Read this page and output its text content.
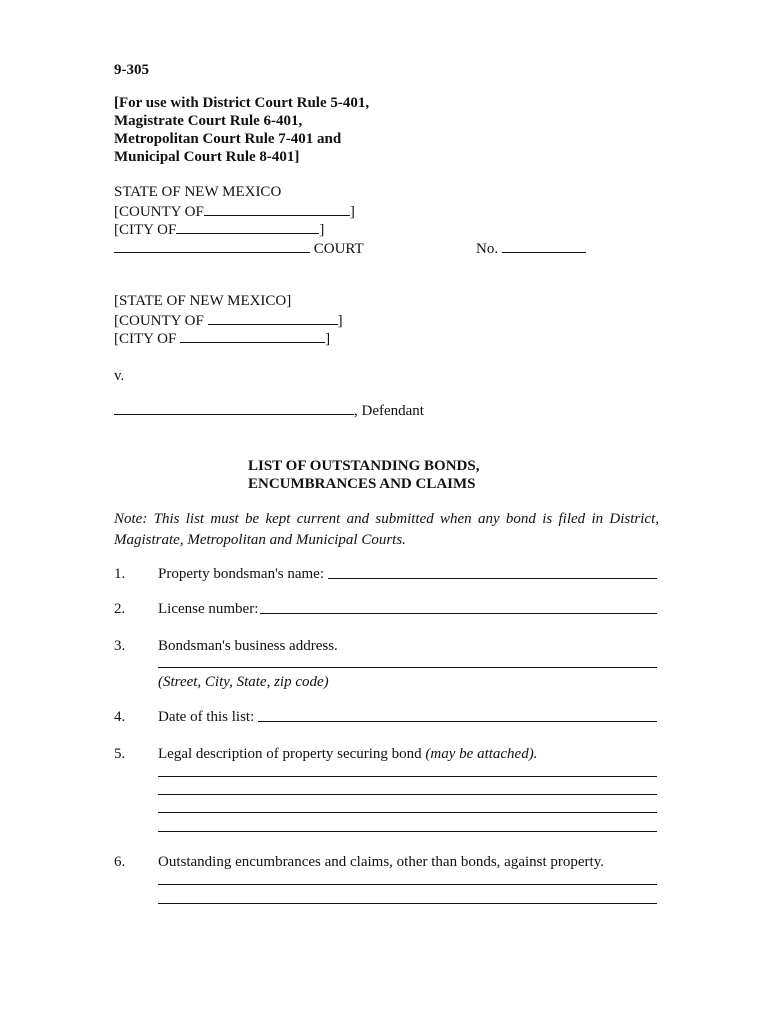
9-305
[For use with District Court Rule 5-401,
Magistrate Court Rule 6-401,
Metropolitan Court Rule 7-401 and
Municipal Court Rule 8-401]
STATE OF NEW MEXICO
[COUNTY OF	]
[CITY OF	]
COURT	No.
[STATE OF NEW MEXICO]
[COUNTY OF	]
[CITY OF	]
v.
, Defendant
LIST OF OUTSTANDING BONDS,
ENCUMBRANCES AND CLAIMS
Note: This list must be kept current and submitted when any bond is filed in District, Magistrate, Metropolitan and Municipal Courts.
1. Property bondsman's name:
2. License number:
3. Bondsman's business address.
(Street, City, State, zip code)
4. Date of this list:
5. Legal description of property securing bond (may be attached).
6. Outstanding encumbrances and claims, other than bonds, against property.
